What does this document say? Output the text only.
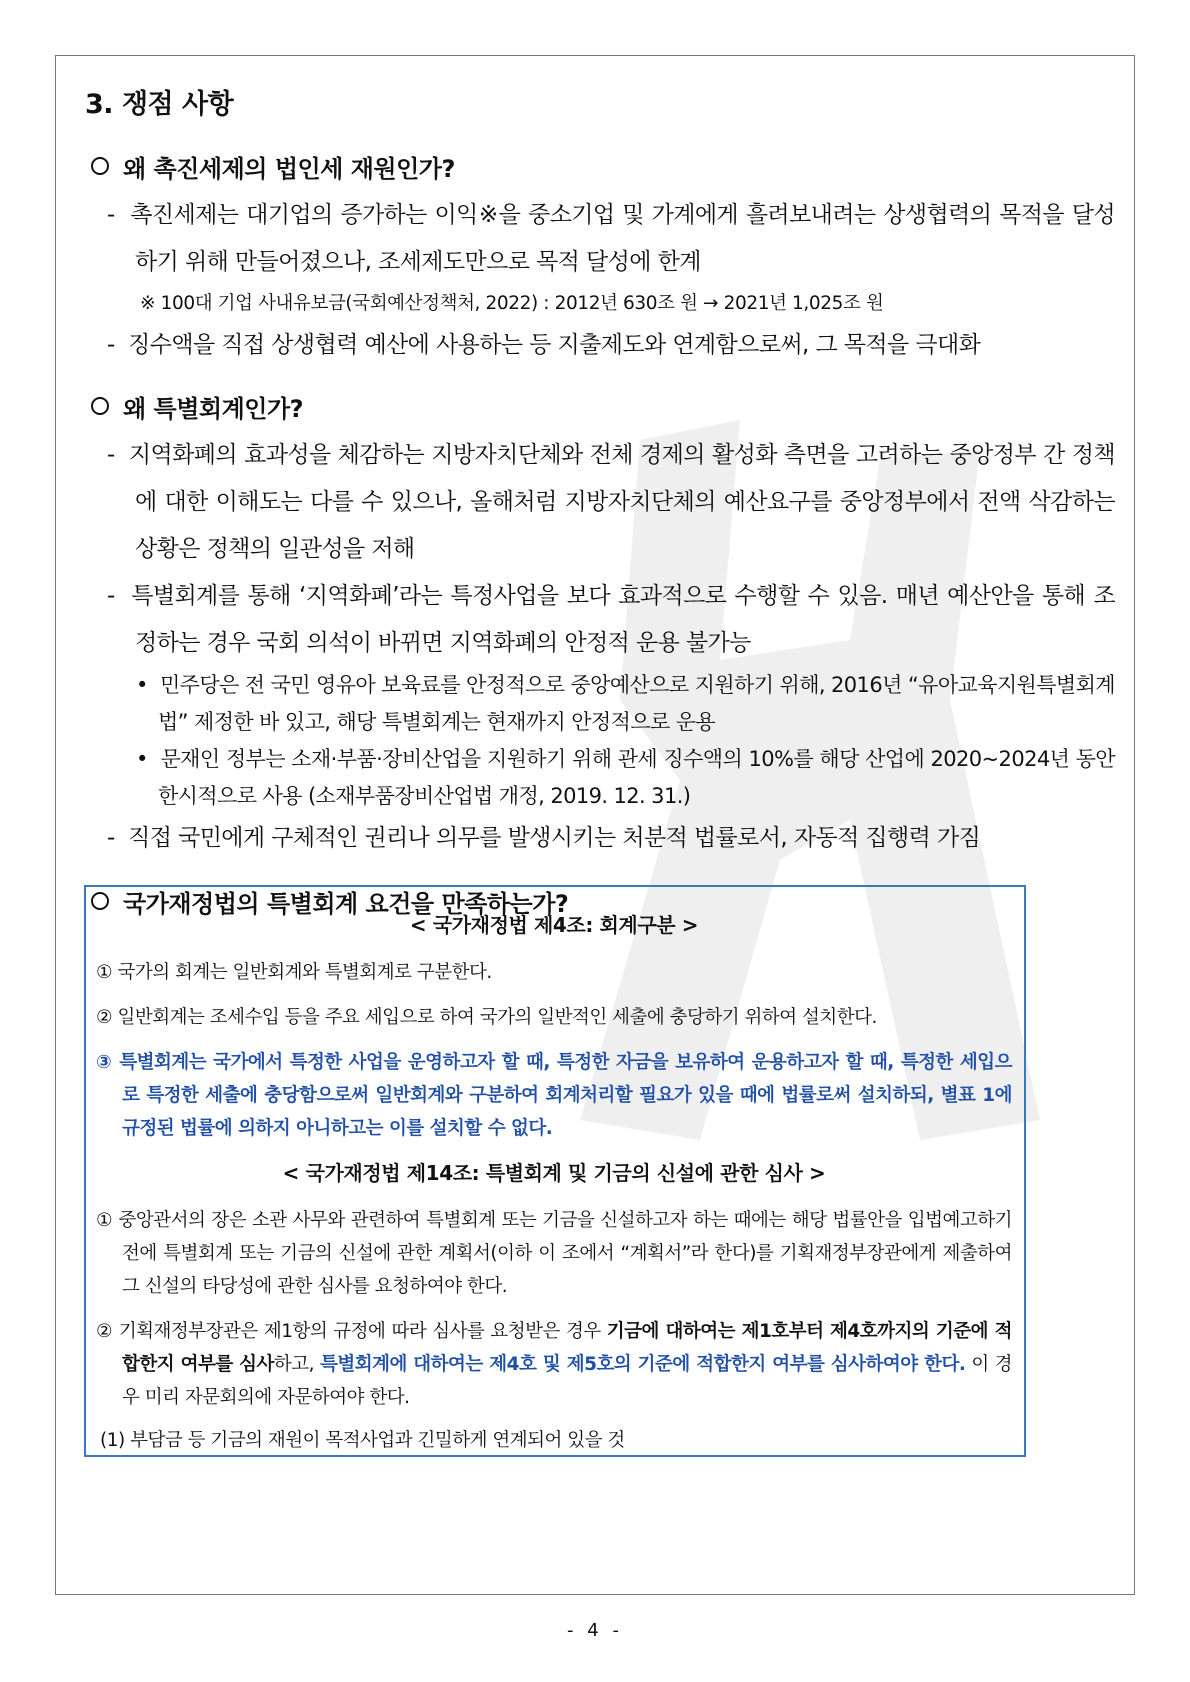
3. 쟁점 사항
왜 촉진세제의 법인세 재원인가?
-  촉진세제는 대기업의 증가하는 이익※을 중소기업 및 가계에게 흘려보내려는 상생협력의 목적을 달성하기 위해 만들어졌으나, 조세제도만으로 목적 달성에 한계
※ 100대 기업 사내유보금(국회예산정책처, 2022) : 2012년 630조 원 → 2021년 1,025조 원
-  징수액을 직접 상생협력 예산에 사용하는 등 지출제도와 연계함으로써, 그 목적을 극대화
왜 특별회계인가?
-  지역화폐의 효과성을 체감하는 지방자치단체와 전체 경제의 활성화 측면을 고려하는 중앙정부 간 정책에 대한 이해도는 다를 수 있으나, 올해처럼 지방자치단체의 예산요구를 중앙정부에서 전액 삭감하는 상황은 정책의 일관성을 저해
-  특별회계를 통해 ‘지역화폐’라는 특정사업을 보다 효과적으로 수행할 수 있음. 매년 예산안을 통해 조정하는 경우 국회 의석이 바뀌면 지역화폐의 안정적 운용 불가능
•  민주당은 전 국민 영유아 보육료를 안정적으로 중앙예산으로 지원하기 위해, 2016년 “유아교육지원특별회계법” 제정한 바 있고, 해당 특별회계는 현재까지 안정적으로 운용
•  문재인 정부는 소재·부품·장비산업을 지원하기 위해 관세 징수액의 10%를 해당 산업에 2020~2024년 동안 한시적으로 사용 (소재부품장비산업법 개정, 2019. 12. 31.)
-  직접 국민에게 구체적인 권리나 의무를 발생시키는 처분적 법률로서, 자동적 집행력 가짐
국가재정법의 특별회계 요건을 만족하는가?
< 국가재정법 제4조: 회계구분 >
① 국가의 회계는 일반회계와 특별회계로 구분한다.
② 일반회계는 조세수입 등을 주요 세입으로 하여 국가의 일반적인 세출에 충당하기 위하여 설치한다.
③ 특별회계는 국가에서 특정한 사업을 운영하고자 할 때, 특정한 자금을 보유하여 운용하고자 할 때, 특정한 세입으로 특정한 세출에 충당함으로써 일반회계와 구분하여 회계처리할 필요가 있을 때에 법률로써 설치하되, 별표 1에 규정된 법률에 의하지 아니하고는 이를 설치할 수 없다.
< 국가재정법 제14조: 특별회계 및 기금의 신설에 관한 심사 >
① 중앙관서의 장은 소관 사무와 관련하여 특별회계 또는 기금을 신설하고자 하는 때에는 해당 법률안을 입법예고하기 전에 특별회계 또는 기금의 신설에 관한 계획서(이하 이 조에서 “계획서”라 한다)를 기획재정부장관에게 제출하여 그 신설의 타당성에 관한 심사를 요청하여야 한다.
② 기획재정부장관은 제1항의 규정에 따라 심사를 요청받은 경우 기금에 대하여는 제1호부터 제4호까지의 기준에 적합한지 여부를 심사하고, 특별회계에 대하여는 제4호 및 제5호의 기준에 적합한지 여부를 심사하여야 한다. 이 경우 미리 자문회의에 자문하여야 한다.
(1) 부담금 등 기금의 재원이 목적사업과 긴밀하게 연계되어 있을 것
- 4 -
